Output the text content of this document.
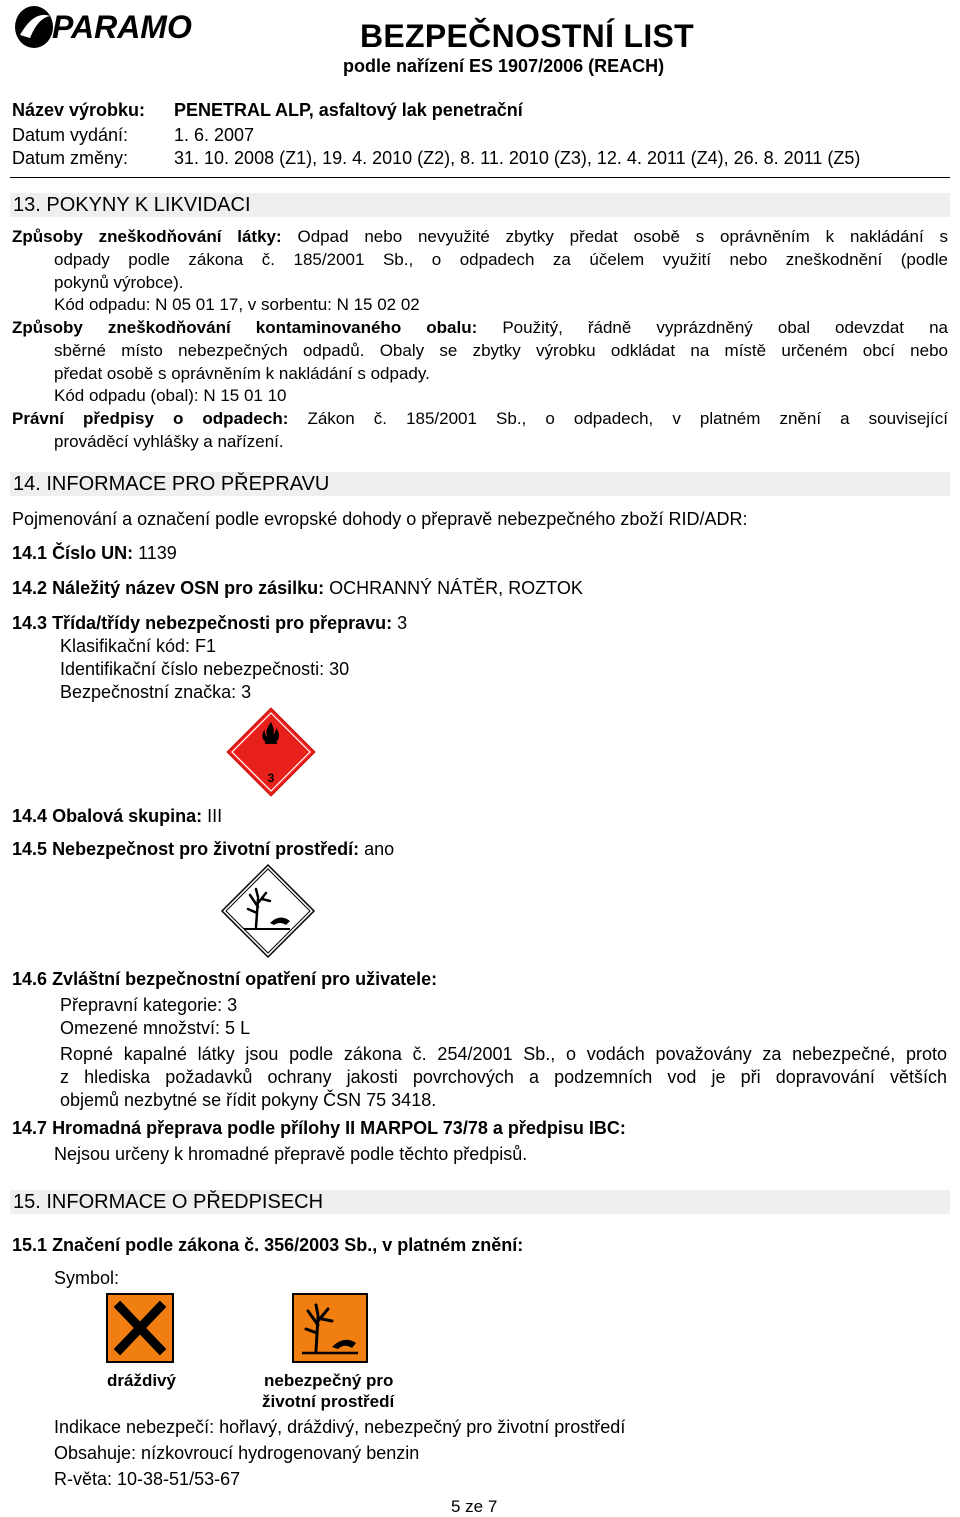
PARAMO	BEZPEČNOSTNÍ LIST
podle nařízení ES 1907/2006 (REACH)
Název výrobku: PENETRAL ALP, asfaltový lak penetrační
Datum vydání:	1. 6. 2007
Datum změny:	31. 10. 2008 (Z1), 19. 4. 2010 (Z2), 8. 11. 2010 (Z3), 12. 4. 2011 (Z4), 26. 8. 2011 (Z5)
13. POKYNY K LIKVIDACI
Způsoby zneškodňování látky: Odpad nebo nevyužité zbytky předat osobě s oprávněním k nakládání s
odpady podle zákona č. 185/2001 Sb., o odpadech za účelem využití nebo zneškodnění (podle
pokynů výrobce).
Kód odpadu: N 05 01 17, v sorbentu: N 15 02 02
Způsoby zneškodňování kontaminovaného obalu: Použitý, řádně vyprázdněný obal odevzdat na
sběrné místo nebezpečných odpadů. Obaly se zbytky výrobku odkládat na místě určeném obcí nebo
předat osobě s oprávněním k nakládání s odpady.
Kód odpadu (obal): N 15 01 10
Právní předpisy o odpadech: Zákon č. 185/2001 Sb., o odpadech, v platném znění a související
prováděcí vyhlášky a nařízení.
14. INFORMACE PRO PŘEPRAVU
Pojmenování a označení podle evropské dohody o přepravě nebezpečného zboží RID/ADR:
14.1 Číslo UN: 1139
14.2 Náležitý název OSN pro zásilku: OCHRANNÝ NÁTĚR, ROZTOK
14.3 Třída/třídy nebezpečnosti pro přepravu: 3
Klasifikační kód: F1
Identifikační číslo nebezpečnosti: 30
Bezpečnostní značka: 3
3
14.4 Obalová skupina: III
14.5 Nebezpečnost pro životní prostředí: ano
14.6 Zvláštní bezpečnostní opatření pro uživatele:
Přepravní kategorie: 3
Omezené množství: 5 L
Ropné kapalné látky jsou podle zákona č. 254/2001 Sb., o vodách považovány za nebezpečné, proto
z hlediska požadavků ochrany jakosti povrchových a podzemních vod je při dopravování větších
objemů nezbytné se řídit pokyny ČSN 75 3418.
14.7 Hromadná přeprava podle přílohy II MARPOL 73/78 a předpisu IBC:
Nejsou určeny k hromadné přepravě podle těchto předpisů.
15. INFORMACE O PŘEDPISECH
15.1 Značení podle zákona č. 356/2003 Sb., v platném znění:
Symbol:
dráždivý	nebezpečný pro
životní prostředí
Indikace nebezpečí: hořlavý, dráždivý, nebezpečný pro životní prostředí
Obsahuje: nízkovroucí hydrogenovaný benzin
R-věta: 10-38-51/53-67
5 ze 7
